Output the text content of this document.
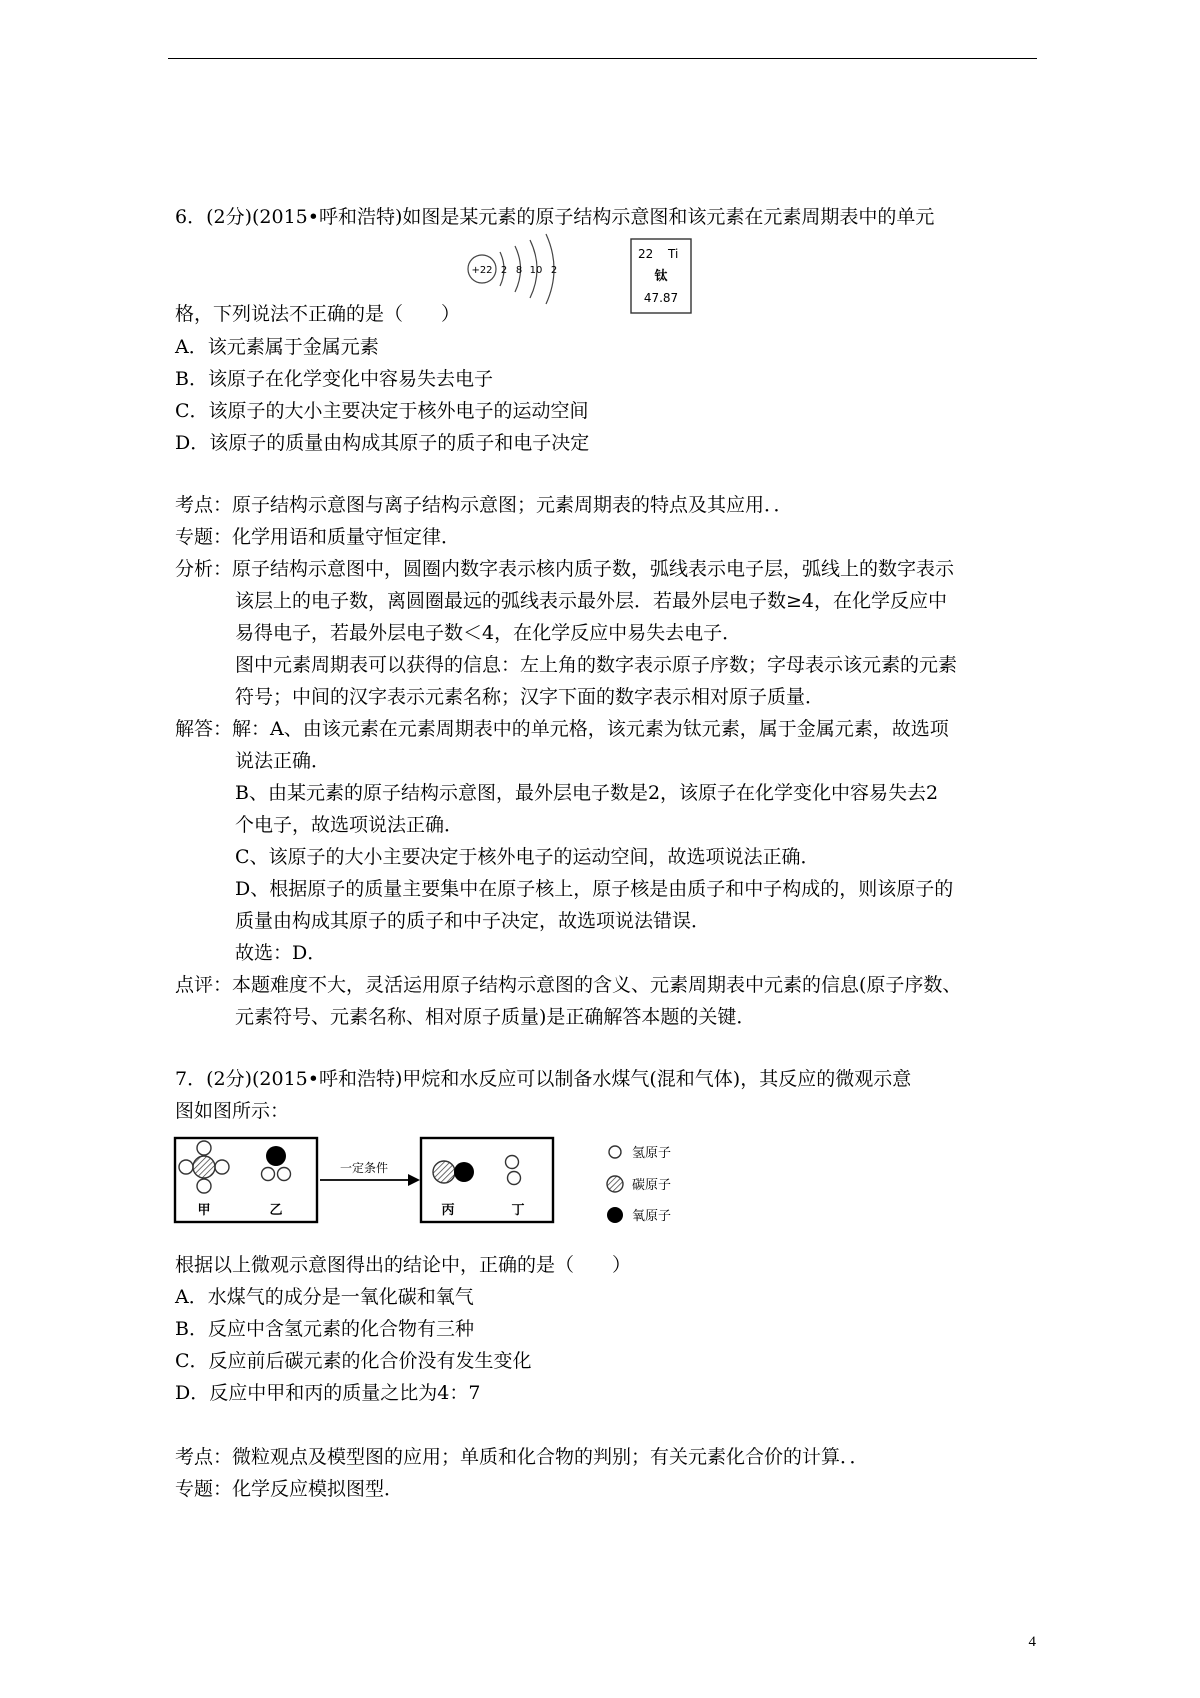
6．(2分)(2015•呼和浩特)如图是某元素的原子结构示意图和该元素在元素周期表中的单元
+22 2 8 10 2
22 Ti
钛
47.87
格，下列说法不正确的是（　　）
A．该元素属于金属元素
B．该原子在化学变化中容易失去电子
C．该原子的大小主要决定于核外电子的运动空间
D．该原子的质量由构成其原子的质子和电子决定
考点：原子结构示意图与离子结构示意图；元素周期表的特点及其应用．．
专题：化学用语和质量守恒定律．
分析：原子结构示意图中，圆圈内数字表示核内质子数，弧线表示电子层，弧线上的数字表示
该层上的电子数，离圆圈最远的弧线表示最外层．若最外层电子数≥4，在化学反应中
易得电子，若最外层电子数＜4，在化学反应中易失去电子．
图中元素周期表可以获得的信息：左上角的数字表示原子序数；字母表示该元素的元素
符号；中间的汉字表示元素名称；汉字下面的数字表示相对原子质量．
解答：解：A、由该元素在元素周期表中的单元格，该元素为钛元素，属于金属元素，故选项
说法正确．
B、由某元素的原子结构示意图，最外层电子数是2，该原子在化学变化中容易失去2
个电子，故选项说法正确．
C、该原子的大小主要决定于核外电子的运动空间，故选项说法正确．
D、根据原子的质量主要集中在原子核上，原子核是由质子和中子构成的，则该原子的
质量由构成其原子的质子和中子决定，故选项说法错误．
故选：D．
点评：本题难度不大，灵活运用原子结构示意图的含义、元素周期表中元素的信息(原子序数、
元素符号、元素名称、相对原子质量)是正确解答本题的关键．
7．(2分)(2015•呼和浩特)甲烷和水反应可以制备水煤气(混和气体)，其反应的微观示意
图如图所示：
甲	乙
一定条件
丙	丁
氢原子
碳原子
氧原子
根据以上微观示意图得出的结论中，正确的是（　　）
A．水煤气的成分是一氧化碳和氧气
B．反应中含氢元素的化合物有三种
C．反应前后碳元素的化合价没有发生变化
D．反应中甲和丙的质量之比为4：7
考点：微粒观点及模型图的应用；单质和化合物的判别；有关元素化合价的计算．．
专题：化学反应模拟图型．
4
